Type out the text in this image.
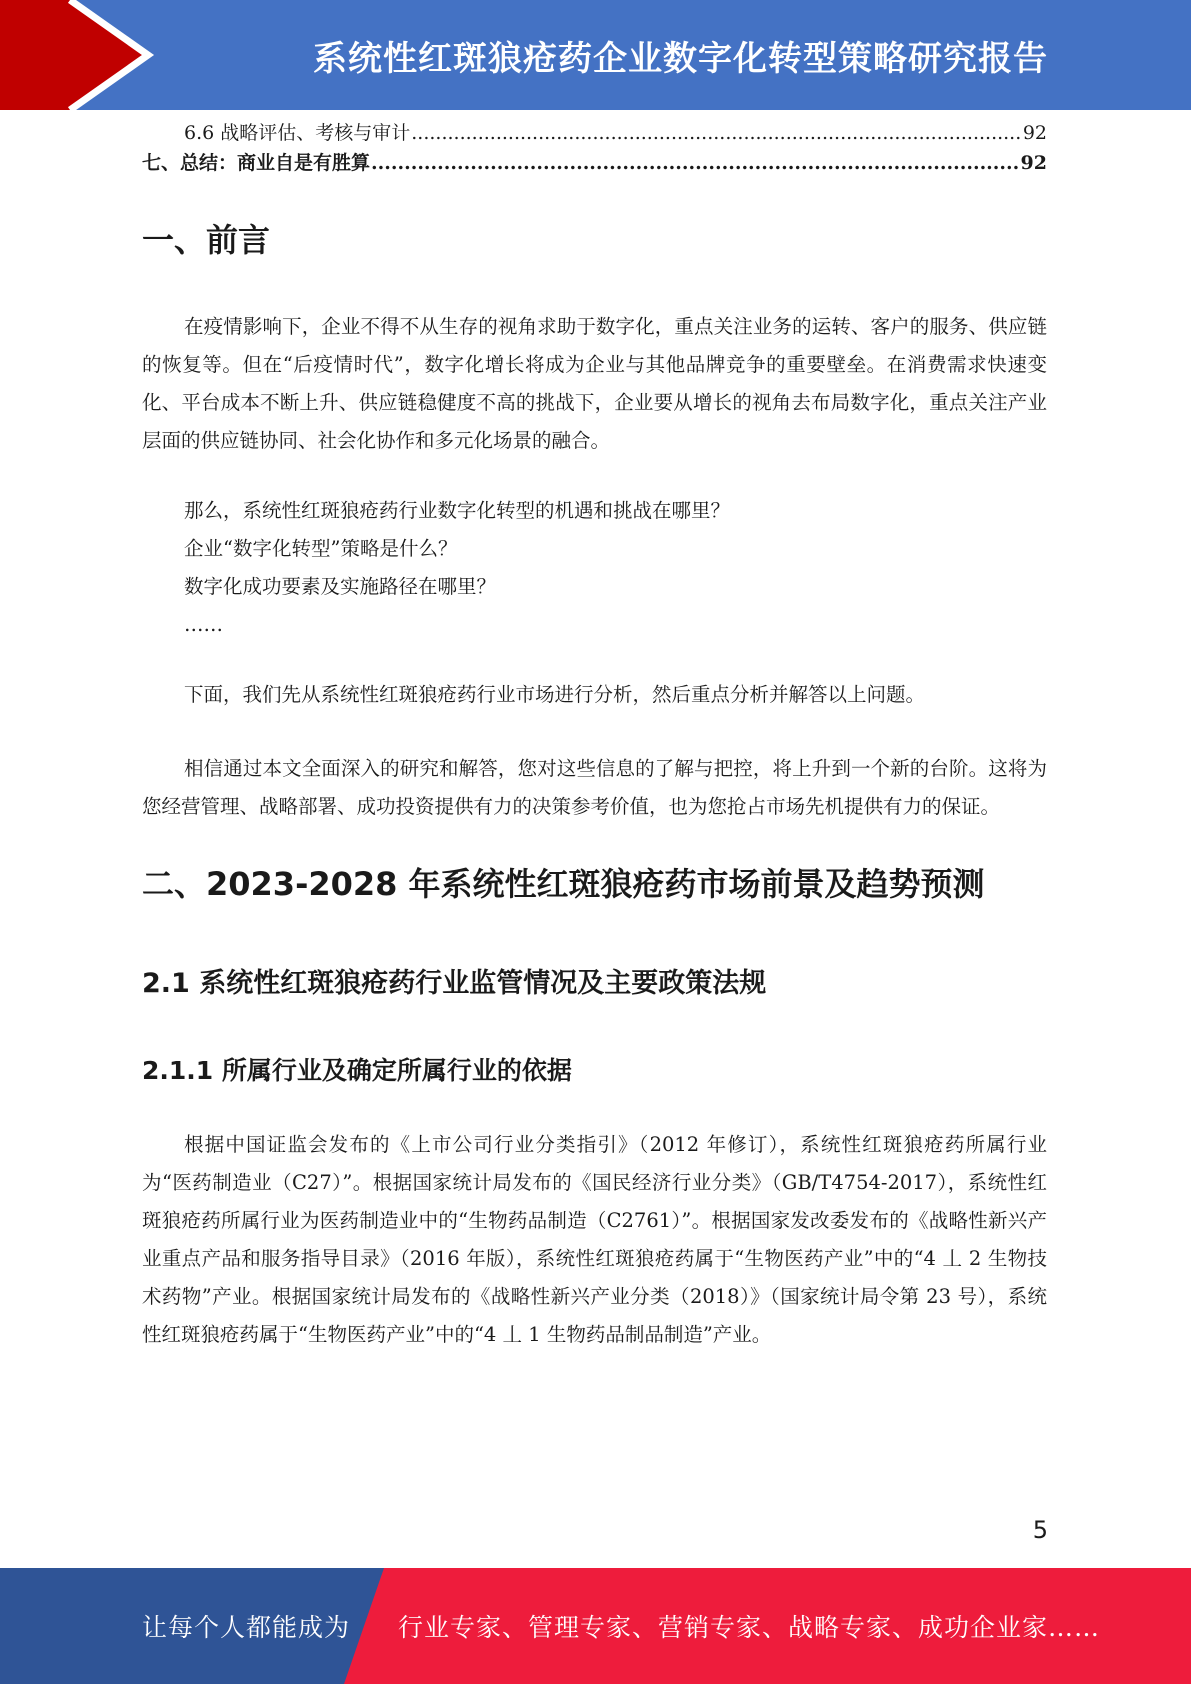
系统性红斑狼疮药企业数字化转型策略研究报告
6.6 战略评估、考核与审计 .....	92
七、总结：商业自是有胜算 .....	92
一、前言

在疫情影响下，企业不得不从生存的视角求助于数字化，重点关注业务的运转、客户的服务、供应链的恢复等。但在“后疫情时代”，数字化增长将成为企业与其他品牌竞争的重要壁垒。在消费需求快速变化、平台成本不断上升、供应链稳健度不高的挑战下，企业要从增长的视角去布局数字化，重点关注产业层面的供应链协同、社会化协作和多元化场景的融合。

那么，系统性红斑狼疮药行业数字化转型的机遇和挑战在哪里？

企业“数字化转型”策略是什么？

数字化成功要素及实施路径在哪里？

……

下面，我们先从系统性红斑狼疮药行业市场进行分析，然后重点分析并解答以上问题。

相信通过本文全面深入的研究和解答，您对这些信息的了解与把控，将上升到一个新的台阶。这将为您经营管理、战略部署、成功投资提供有力的决策参考价值，也为您抢占市场先机提供有力的保证。

二、2023-2028 年系统性红斑狼疮药市场前景及趋势预测
2.1 系统性红斑狼疮药行业监管情况及主要政策法规
2.1.1 所属行业及确定所属行业的依据

根据中国证监会发布的《上市公司行业分类指引》（2012 年修订），系统性红斑狼疮药所属行业为“医药制造业（C27）”。根据国家统计局发布的《国民经济行业分类》（GB/T4754-2017），系统性红斑狼疮药所属行业为医药制造业中的“生物药品制造（C2761）”。根据国家发改委发布的《战略性新兴产业重点产品和服务指导目录》（2016 年版），系统性红斑狼疮药属于“生物医药产业”中的“4 丄 2 生物技术药物”产业。根据国家统计局发布的《战略性新兴产业分类（2018）》（国家统计局令第 23 号），系统性红斑狼疮药属于“生物医药产业”中的“4 丄 1 生物药品制品制造”产业。

5
让每个人都能成为 行业专家、管理专家、营销专家、战略专家、成功企业家……
